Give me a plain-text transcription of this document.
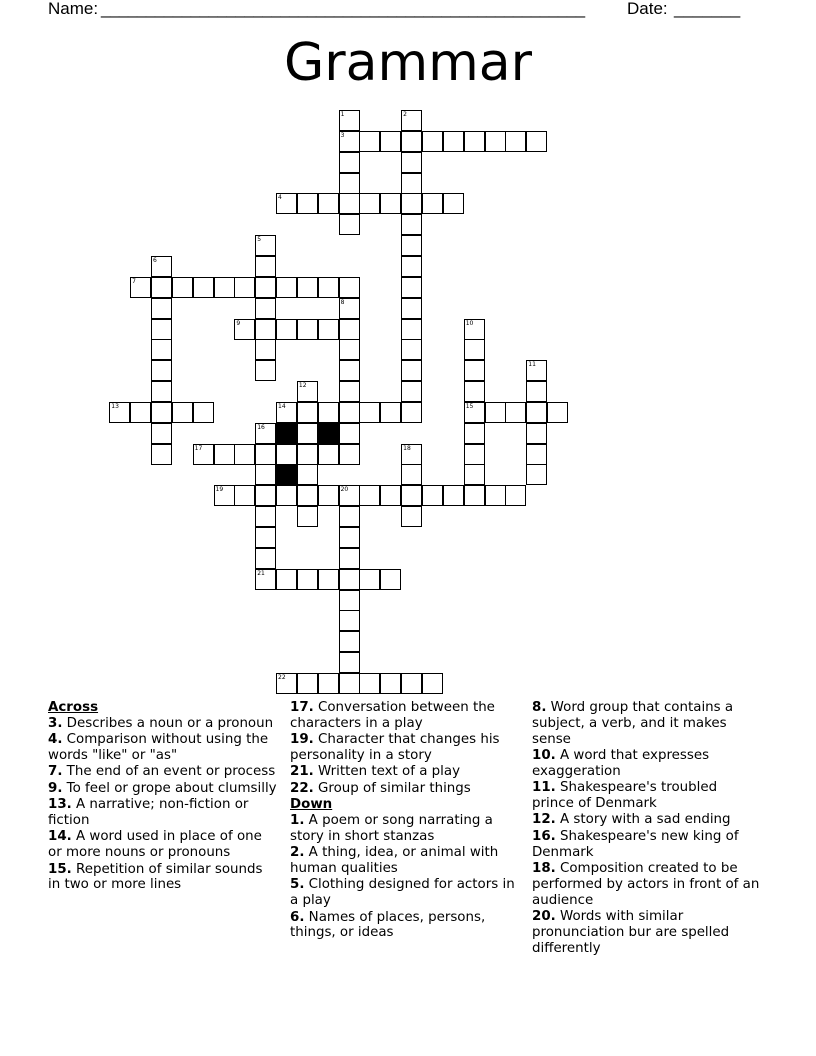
Name: ______________________________________________________ Date: _______
Grammar
1	2
3
4
5
6
7
8
9	10
11
12
13	14	15
16
17	18
19	20
21
22

Across

3. Describes a noun or a pronoun

4. Comparison without using the words "like" or "as"

7. The end of an event or process

9. To feel or grope about clumsilly

13. A narrative; non-fiction or fiction

14. A word used in place of one or more nouns or pronouns

15. Repetition of similar sounds in two or more lines

17. Conversation between the characters in a play

19. Character that changes his personality in a story

21. Written text of a play

22. Group of similar things

Down

1. A poem or song narrating a story in short stanzas

2. A thing, idea, or animal with human qualities

5. Clothing designed for actors in a play

6. Names of places, persons, things, or ideas

8. Word group that contains a subject, a verb, and it makes sense

10. A word that expresses exaggeration

11. Shakespeare's troubled prince of Denmark

12. A story with a sad ending

16. Shakespeare's new king of Denmark

18. Composition created to be performed by actors in front of an audience

20. Words with similar pronunciation bur are spelled differently
